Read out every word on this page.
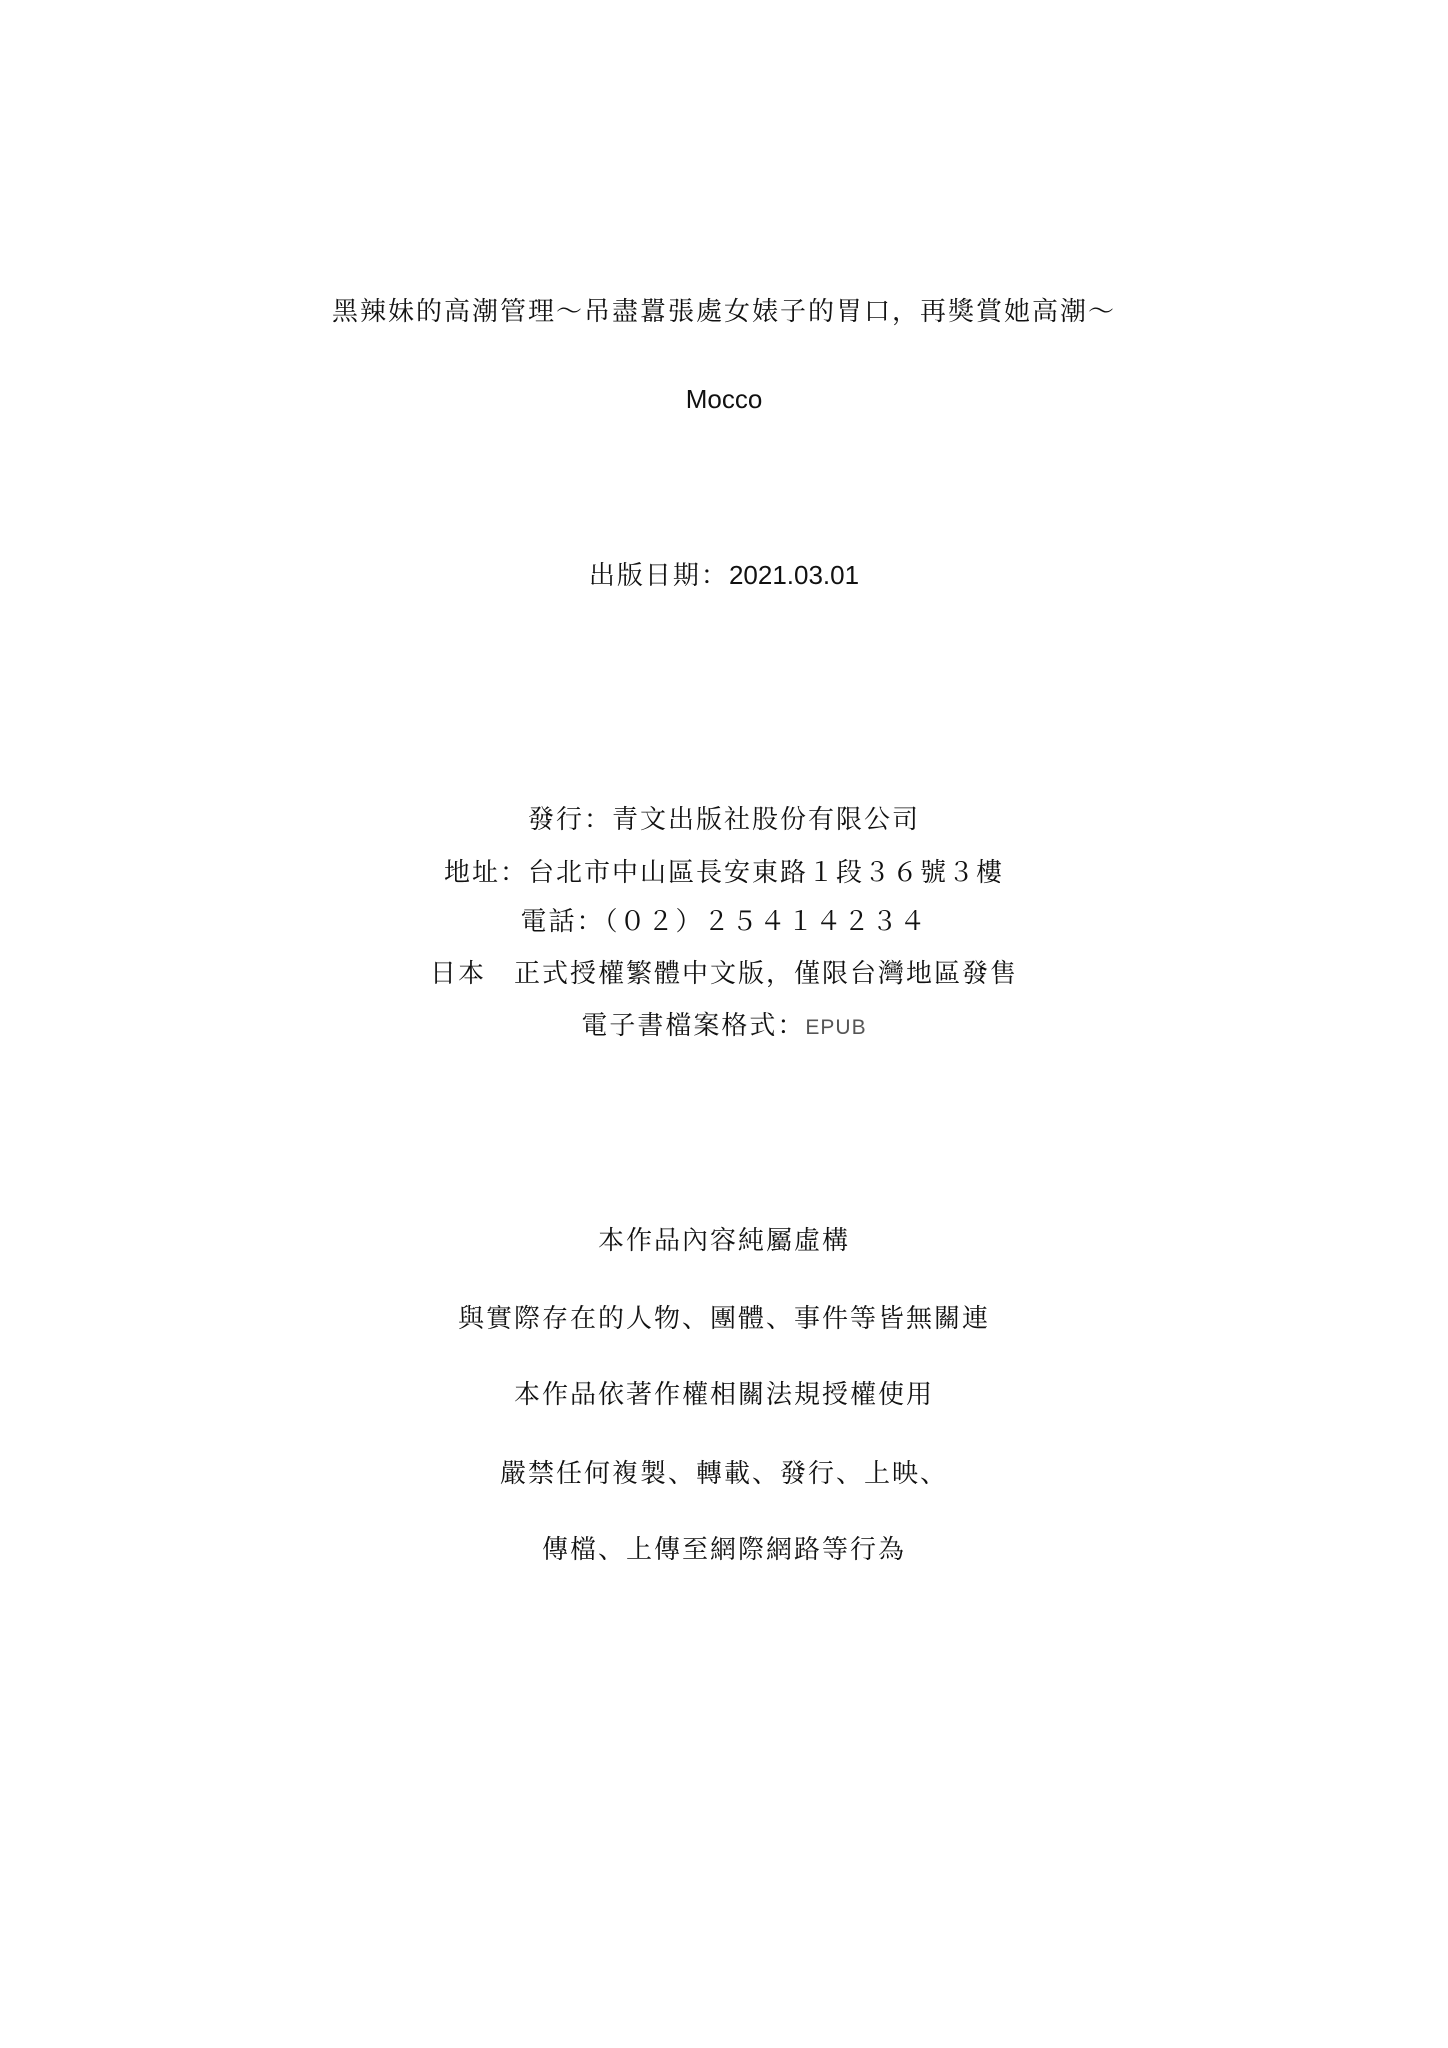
黑辣妹的高潮管理～吊盡囂張處女婊子的胃口，再獎賞她高潮～
Mocco
出版日期：2021.03.01
發行：青文出版社股份有限公司
地址：台北市中山區長安東路１段３６號３樓
電話：（０２）２５４１４２３４
日本　正式授權繁體中文版，僅限台灣地區發售
電子書檔案格式：EPUB
本作品內容純屬虛構
與實際存在的人物、團體、事件等皆無關連
本作品依著作權相關法規授權使用
嚴禁任何複製、轉載、發行、上映、
傳檔、上傳至網際網路等行為
